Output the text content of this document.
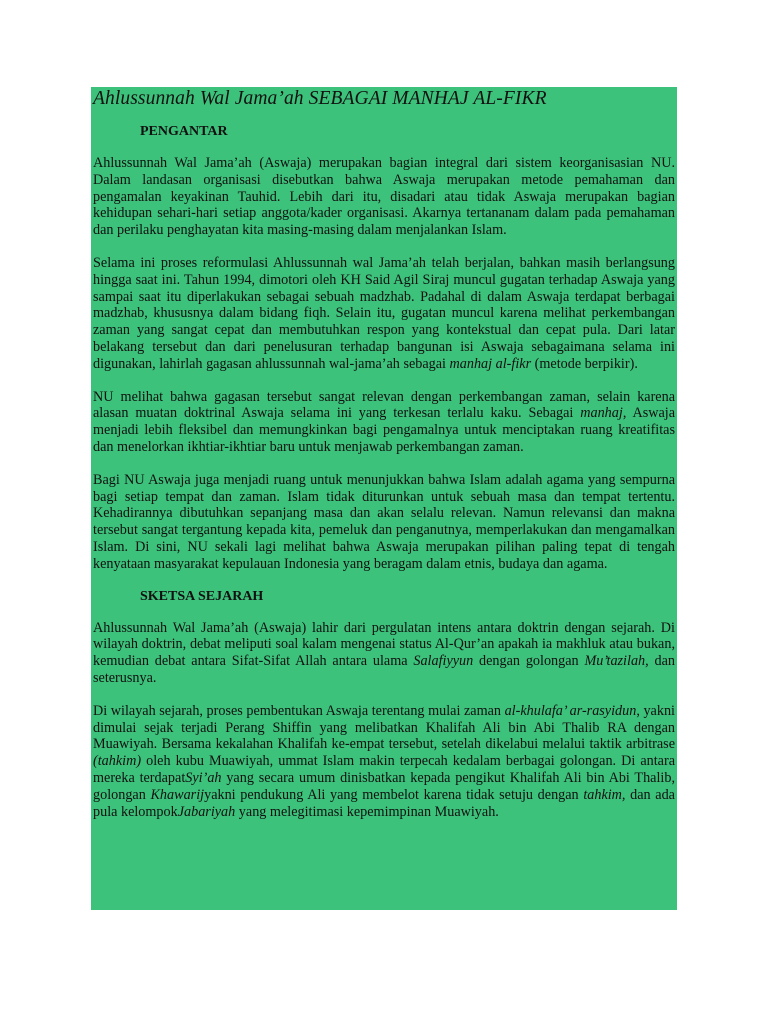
Ahlussunnah Wal Jama’ah SEBAGAI MANHAJ AL-FIKR
PENGANTAR

Ahlussunnah Wal Jama’ah (Aswaja) merupakan bagian integral dari sistem keorganisasian NU. Dalam landasan organisasi disebutkan bahwa Aswaja merupakan metode pemahaman dan pengamalan keyakinan Tauhid. Lebih dari itu, disadari atau tidak Aswaja merupakan bagian kehidupan sehari-hari setiap anggota/kader organisasi. Akarnya tertananam dalam pada pemahaman dan perilaku penghayatan kita masing-masing dalam menjalankan Islam.

Selama ini proses reformulasi Ahlussunnah wal Jama’ah telah berjalan, bahkan masih berlangsung hingga saat ini. Tahun 1994, dimotori oleh KH Said Agil Siraj muncul gugatan terhadap Aswaja yang sampai saat itu diperlakukan sebagai sebuah madzhab. Padahal di dalam Aswaja terdapat berbagai madzhab, khususnya dalam bidang fiqh. Selain itu, gugatan muncul karena melihat perkembangan zaman yang sangat cepat dan membutuhkan respon yang kontekstual dan cepat pula. Dari latar belakang tersebut dan dari penelusuran terhadap bangunan isi Aswaja sebagaimana selama ini digunakan, lahirlah gagasan ahlussunnah wal-jama’ah sebagai manhaj al-fikr (metode berpikir).

NU melihat bahwa gagasan tersebut sangat relevan dengan perkembangan zaman, selain karena alasan muatan doktrinal Aswaja selama ini yang terkesan terlalu kaku. Sebagai manhaj, Aswaja menjadi lebih fleksibel dan memungkinkan bagi pengamalnya untuk menciptakan ruang kreatifitas dan menelorkan ikhtiar-ikhtiar baru untuk menjawab perkembangan zaman.

Bagi NU Aswaja juga menjadi ruang untuk menunjukkan bahwa Islam adalah agama yang sempurna bagi setiap tempat dan zaman. Islam tidak diturunkan untuk sebuah masa dan tempat tertentu. Kehadirannya dibutuhkan sepanjang masa dan akan selalu relevan. Namun relevansi dan makna tersebut sangat tergantung kepada kita, pemeluk dan penganutnya, memperlakukan dan mengamalkan Islam. Di sini, NU sekali lagi melihat bahwa Aswaja merupakan pilihan paling tepat di tengah kenyataan masyarakat kepulauan Indonesia yang beragam dalam etnis, budaya dan agama.

SKETSA SEJARAH

Ahlussunnah Wal Jama’ah (Aswaja) lahir dari pergulatan intens antara doktrin dengan sejarah. Di wilayah doktrin, debat meliputi soal kalam mengenai status Al-Qur’an apakah ia makhluk atau bukan, kemudian debat antara Sifat-Sifat Allah antara ulama Salafiyyun dengan golongan Mu’tazilah, dan seterusnya.

Di wilayah sejarah, proses pembentukan Aswaja terentang mulai zaman al-khulafa’ ar-rasyidun, yakni dimulai sejak terjadi Perang Shiffin yang melibatkan Khalifah Ali bin Abi Thalib RA dengan Muawiyah. Bersama kekalahan Khalifah ke-empat tersebut, setelah dikelabui melalui taktik arbitrase (tahkim) oleh kubu Muawiyah, ummat Islam makin terpecah kedalam berbagai golongan. Di antara mereka terdapatSyi’ah yang secara umum dinisbatkan kepada pengikut Khalifah Ali bin Abi Thalib, golongan Khawarijyakni pendukung Ali yang membelot karena tidak setuju dengan tahkim, dan ada pula kelompokJabariyah yang melegitimasi kepemimpinan Muawiyah.
